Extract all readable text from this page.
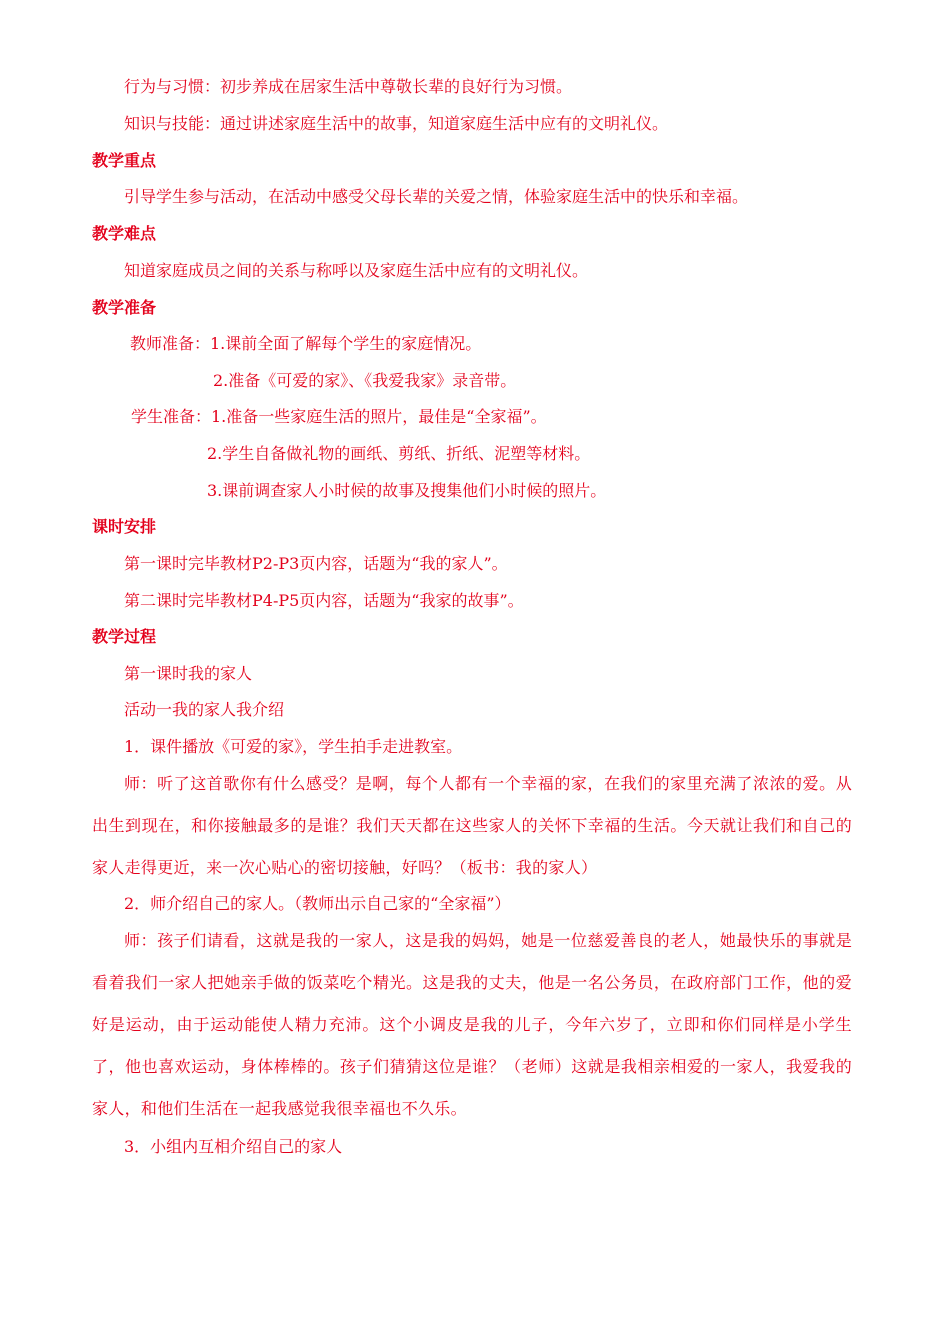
行为与习惯：初步养成在居家生活中尊敬长辈的良好行为习惯。
知识与技能：通过讲述家庭生活中的故事，知道家庭生活中应有的文明礼仪。
教学重点
引导学生参与活动，在活动中感受父母长辈的关爱之情，体验家庭生活中的快乐和幸福。
教学难点
知道家庭成员之间的关系与称呼以及家庭生活中应有的文明礼仪。
教学准备
教师准备：1.课前全面了解每个学生的家庭情况。
2.准备《可爱的家》、《我爱我家》录音带。
学生准备：1.准备一些家庭生活的照片，最佳是“全家福”。
2.学生自备做礼物的画纸、剪纸、折纸、泥塑等材料。
3.课前调查家人小时候的故事及搜集他们小时候的照片。
课时安排
第一课时完毕教材P2-P3页内容，话题为“我的家人”。
第二课时完毕教材P4-P5页内容，话题为“我家的故事”。
教学过程
第一课时我的家人
活动一我的家人我介绍
1．课件播放《可爱的家》，学生拍手走进教室。
师：听了这首歌你有什么感受？是啊，每个人都有一个幸福的家，在我们的家里充满了浓浓的爱。从出生到现在，和你接触最多的是谁？我们天天都在这些家人的关怀下幸福的生活。今天就让我们和自己的家人走得更近，来一次心贴心的密切接触，好吗？（板书：我的家人）
2．师介绍自己的家人。（教师出示自己家的“全家福”）
师：孩子们请看，这就是我的一家人，这是我的妈妈，她是一位慈爱善良的老人，她最快乐的事就是看着我们一家人把她亲手做的饭菜吃个精光。这是我的丈夫，他是一名公务员，在政府部门工作，他的爱好是运动，由于运动能使人精力充沛。这个小调皮是我的儿子，今年六岁了，立即和你们同样是小学生了，他也喜欢运动，身体棒棒的。孩子们猜猜这位是谁？（老师）这就是我相亲相爱的一家人，我爱我的家人，和他们生活在一起我感觉我很幸福也不久乐。
3．小组内互相介绍自己的家人
